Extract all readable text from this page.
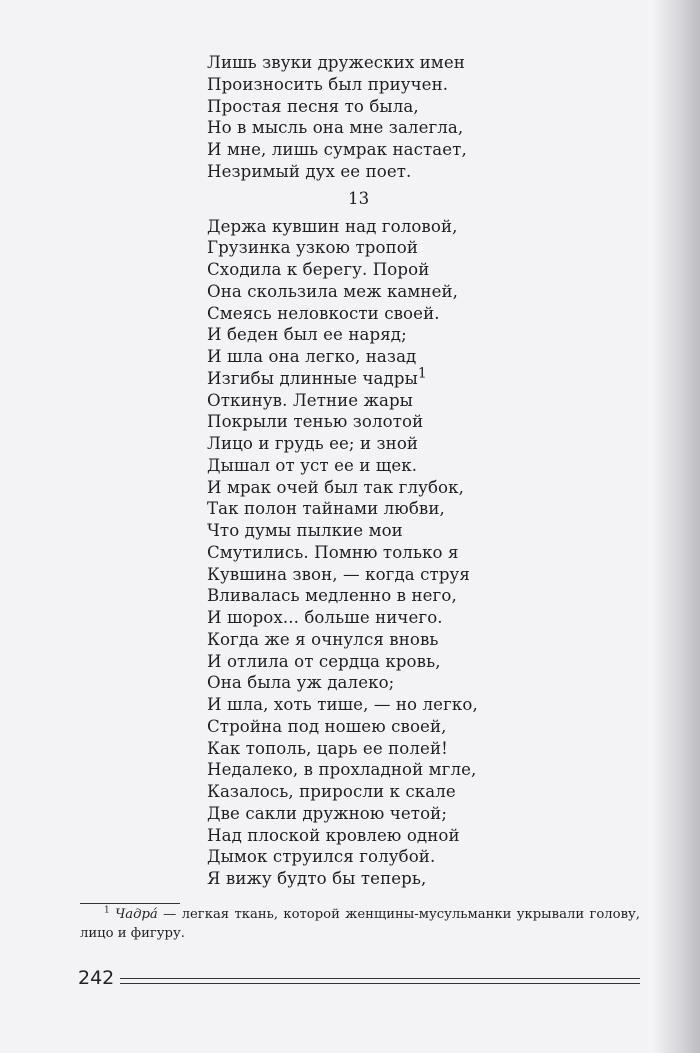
Лишь звуки дружеских имен
Произносить был приучен.
Простая песня то была,
Но в мысль она мне залегла,
И мне, лишь сумрак настает,
Незримый дух ее поет.
13
Держа кувшин над головой,
Грузинка узкою тропой
Сходила к берегу. Порой
Она скользила меж камней,
Смеясь неловкости своей.
И беден был ее наряд;
И шла она легко, назад
Изгибы длинные чадры$^1$
Откинув. Летние жары
Покрыли тенью золотой
Лицо и грудь ее; и зной
Дышал от уст ее и щек.
И мрак очей был так глубок,
Так полон тайнами любви,
Что думы пылкие мои
Смутились. Помню только я
Кувшина звон, — когда струя
Вливалась медленно в него,
И шорох... больше ничего.
Когда же я очнулся вновь
И отлила от сердца кровь,
Она была уж далеко;
И шла, хоть тише, — но легко,
Стройна под ношею своей,
Как тополь, царь ее полей!
Недалеко, в прохладной мгле,
Казалось, приросли к скале
Две сакли дружною четой;
Над плоской кровлею одной
Дымок струился голубой.
Я вижу будто бы теперь,
$^1$ Чадра́ — легкая ткань, которой женщины-мусульманки укрывали голову, лицо и фигуру.
242
